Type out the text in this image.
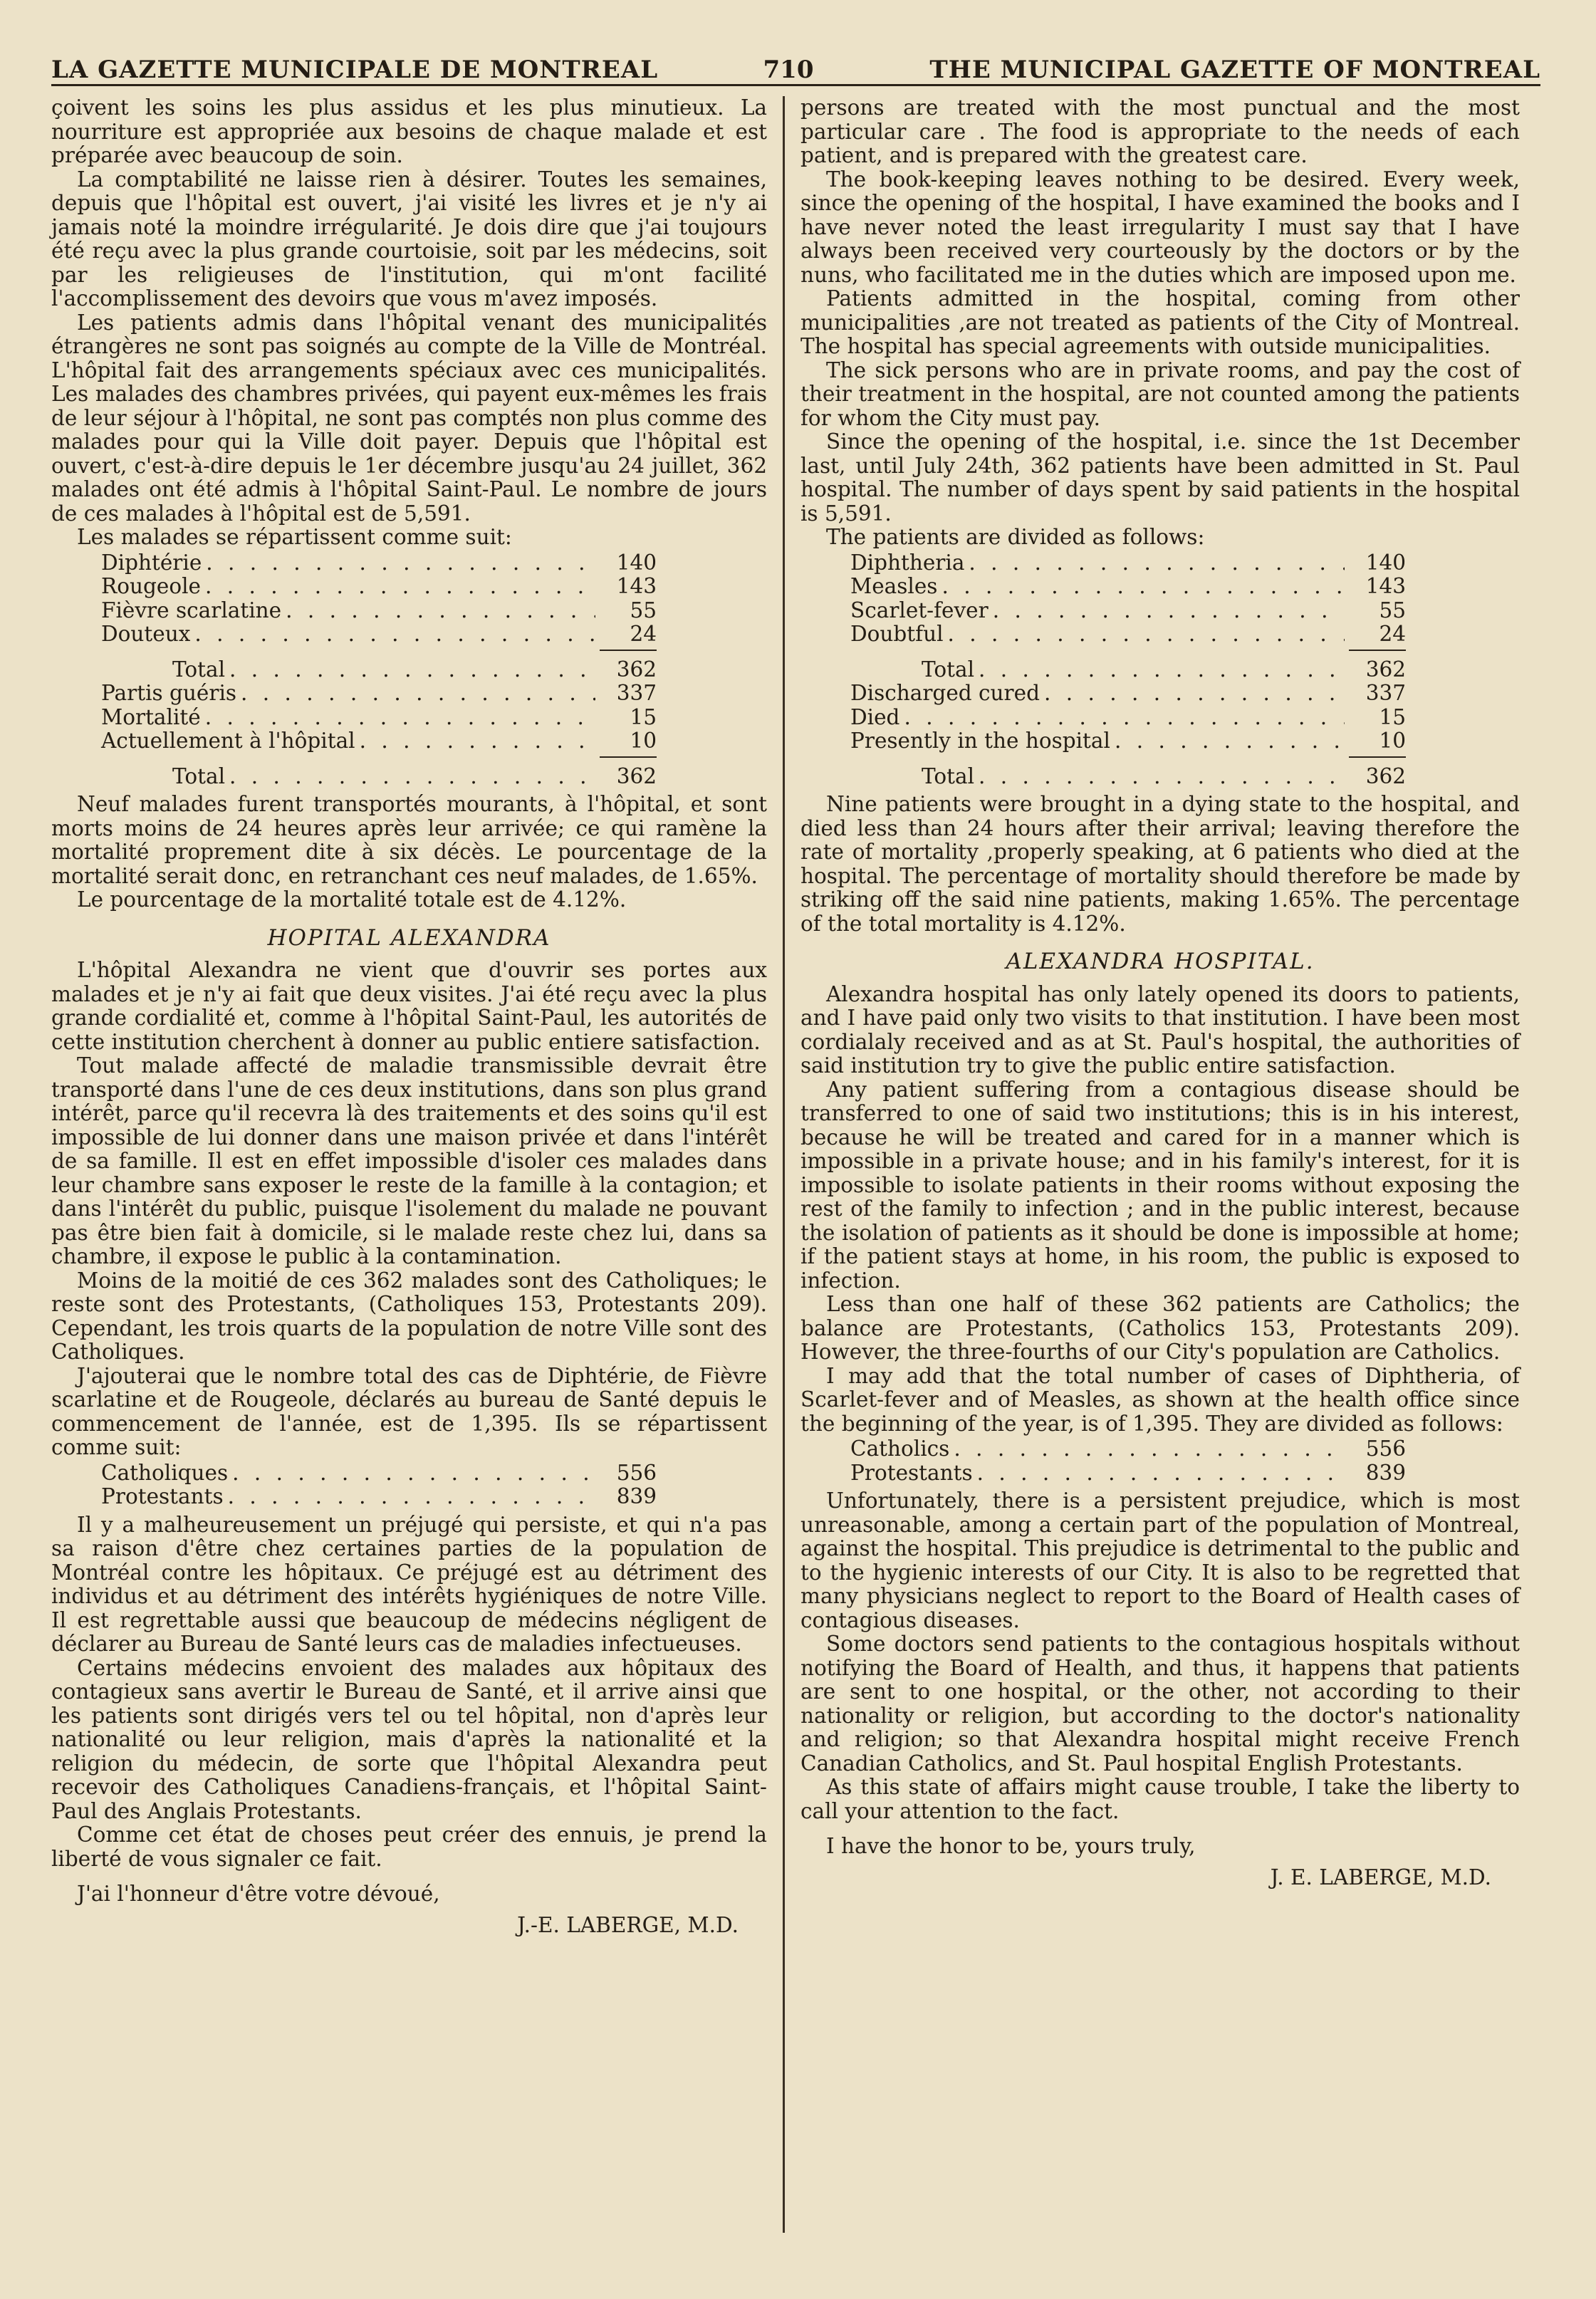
LA GAZETTE MUNICIPALE DE MONTREAL	710	THE MUNICIPAL GAZETTE OF MONTREAL

çoivent les soins les plus assidus et les plus minutieux. La nourriture est appropriée aux besoins de chaque malade et est préparée avec beaucoup de soin.

La comptabilité ne laisse rien à désirer. Toutes les semaines, depuis que l'hôpital est ouvert, j'ai visité les livres et je n'y ai jamais noté la moindre irrégularité. Je dois dire que j'ai toujours été reçu avec la plus grande courtoisie, soit par les médecins, soit par les religieuses de l'institution, qui m'ont facilité l'accomplissement des devoirs que vous m'avez imposés.

Les patients admis dans l'hôpital venant des municipalités étrangères ne sont pas soignés au compte de la Ville de Montréal. L'hôpital fait des arrangements spéciaux avec ces municipalités. Les malades des chambres privées, qui payent eux-mêmes les frais de leur séjour à l'hôpital, ne sont pas comptés non plus comme des malades pour qui la Ville doit payer. Depuis que l'hôpital est ouvert, c'est-à-dire depuis le 1er décembre jusqu'au 24 juillet, 362 malades ont été admis à l'hôpital Saint-Paul. Le nombre de jours de ces malades à l'hôpital est de 5,591.

Les malades se répartissent comme suit:

Diphtérie . . .	140
Rougeole . . .	143
Fièvre scarlatine . . .	55
Douteux . . .	24
Total . . .	362
Partis guéris . . .	337
Mortalité . . .	15
Actuellement à l'hôpital . . .	10
Total . . .	362

Neuf malades furent transportés mourants, à l'hôpital, et sont morts moins de 24 heures après leur arrivée; ce qui ramène la mortalité proprement dite à six décès. Le pourcentage de la mortalité serait donc, en retranchant ces neuf malades, de 1.65%.

Le pourcentage de la mortalité totale est de 4.12%.

HOPITAL ALEXANDRA

L'hôpital Alexandra ne vient que d'ouvrir ses portes aux malades et je n'y ai fait que deux visites. J'ai été reçu avec la plus grande cordialité et, comme à l'hôpital Saint-Paul, les autorités de cette institution cherchent à donner au public entiere satisfaction.

Tout malade affecté de maladie transmissible devrait être transporté dans l'une de ces deux institutions, dans son plus grand intérêt, parce qu'il recevra là des traitements et des soins qu'il est impossible de lui donner dans une maison privée et dans l'intérêt de sa famille. Il est en effet impossible d'isoler ces malades dans leur chambre sans exposer le reste de la famille à la contagion; et dans l'intérêt du public, puisque l'isolement du malade ne pouvant pas être bien fait à domicile, si le malade reste chez lui, dans sa chambre, il expose le public à la contamination.

Moins de la moitié de ces 362 malades sont des Catholiques; le reste sont des Protestants, (Catholiques 153, Protestants 209). Cependant, les trois quarts de la population de notre Ville sont des Catholiques.

J'ajouterai que le nombre total des cas de Diphtérie, de Fièvre scarlatine et de Rougeole, déclarés au bureau de Santé depuis le commencement de l'année, est de 1,395. Ils se répartissent comme suit:

Catholiques . . .	556
Protestants . . .	839

Il y a malheureusement un préjugé qui persiste, et qui n'a pas sa raison d'être chez certaines parties de la population de Montréal contre les hôpitaux. Ce préjugé est au détriment des individus et au détriment des intérêts hygiéniques de notre Ville. Il est regrettable aussi que beaucoup de médecins négligent de déclarer au Bureau de Santé leurs cas de maladies infectueuses.

Certains médecins envoient des malades aux hôpitaux des contagieux sans avertir le Bureau de Santé, et il arrive ainsi que les patients sont dirigés vers tel ou tel hôpital, non d'après leur nationalité ou leur religion, mais d'après la nationalité et la religion du médecin, de sorte que l'hôpital Alexandra peut recevoir des Catholiques Canadiens-français, et l'hôpital Saint-Paul des Anglais Protestants.

Comme cet état de choses peut créer des ennuis, je prend la liberté de vous signaler ce fait.

J'ai l'honneur d'être votre dévoué,

J.-E. LABERGE, M.D.

persons are treated with the most punctual and the most particular care . The food is appropriate to the needs of each patient, and is prepared with the greatest care.

The book-keeping leaves nothing to be desired. Every week, since the opening of the hospital, I have examined the books and I have never noted the least irregularity I must say that I have always been received very courteously by the doctors or by the nuns, who facilitated me in the duties which are imposed upon me.

Patients admitted in the hospital, coming from other municipalities ,are not treated as patients of the City of Montreal. The hospital has special agreements with outside municipalities.

The sick persons who are in private rooms, and pay the cost of their treatment in the hospital, are not counted among the patients for whom the City must pay.

Since the opening of the hospital, i.e. since the 1st December last, until July 24th, 362 patients have been admitted in St. Paul hospital. The number of days spent by said patients in the hospital is 5,591.

The patients are divided as follows:

Diphtheria . . .	140
Measles . . .	143
Scarlet-fever . . .	55
Doubtful . . .	24
Total . . .	362
Discharged cured . . .	337
Died . . .	15
Presently in the hospital . . .	10
Total . . .	362

Nine patients were brought in a dying state to the hospital, and died less than 24 hours after their arrival; leaving therefore the rate of mortality ,properly speaking, at 6 patients who died at the hospital. The percentage of mortality should therefore be made by striking off the said nine patients, making 1.65%. The percentage of the total mortality is 4.12%.

ALEXANDRA HOSPITAL.

Alexandra hospital has only lately opened its doors to patients, and I have paid only two visits to that institution. I have been most cordialaly received and as at St. Paul's hospital, the authorities of said institution try to give the public entire satisfaction.

Any patient suffering from a contagious disease should be transferred to one of said two institutions; this is in his interest, because he will be treated and cared for in a manner which is impossible in a private house; and in his family's interest, for it is impossible to isolate patients in their rooms without exposing the rest of the family to infection ; and in the public interest, because the isolation of patients as it should be done is impossible at home; if the patient stays at home, in his room, the public is exposed to infection.

Less than one half of these 362 patients are Catholics; the balance are Protestants, (Catholics 153, Protestants 209). However, the three-fourths of our City's population are Catholics.

I may add that the total number of cases of Diphtheria, of Scarlet-fever and of Measles, as shown at the health office since the beginning of the year, is of 1,395. They are divided as follows:

Catholics . . .	556
Protestants . . .	839

Unfortunately, there is a persistent prejudice, which is most unreasonable, among a certain part of the population of Montreal, against the hospital. This prejudice is detrimental to the public and to the hygienic interests of our City. It is also to be regretted that many physicians neglect to report to the Board of Health cases of contagious diseases.

Some doctors send patients to the contagious hospitals without notifying the Board of Health, and thus, it happens that patients are sent to one hospital, or the other, not according to their nationality or religion, but according to the doctor's nationality and religion; so that Alexandra hospital might receive French Canadian Catholics, and St. Paul hospital English Protestants.

As this state of affairs might cause trouble, I take the liberty to call your attention to the fact.

I have the honor to be, yours truly,

J. E. LABERGE, M.D.
